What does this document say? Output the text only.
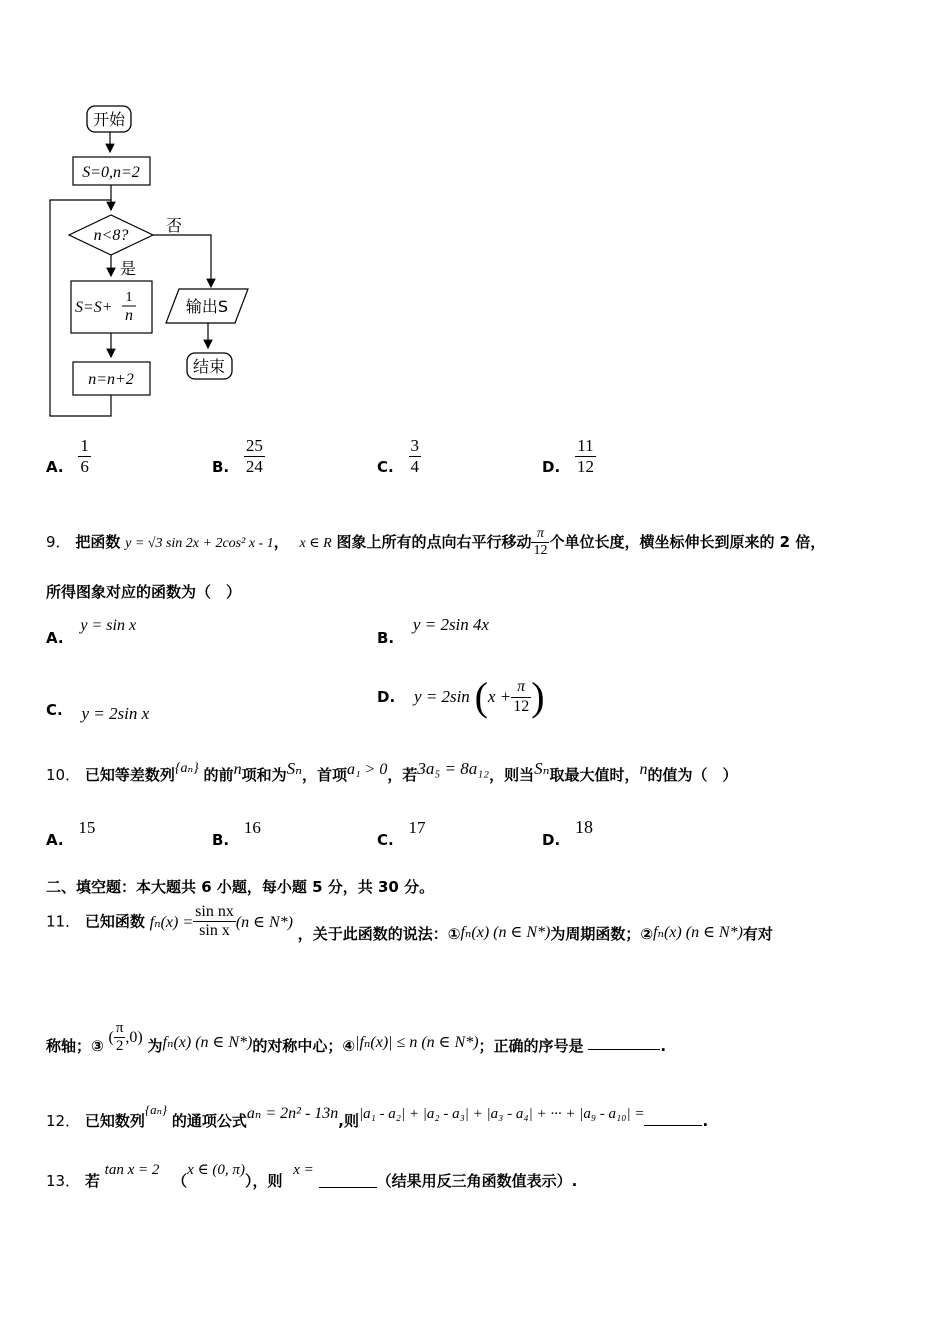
开始
S=0,n=2
n<8?
否
是
S=S+
1
n
n=n+2
输出S
结束
A. $\frac{1}{6}$	B. $\frac{25}{24}$	C. $\frac{3}{4}$	D. $\frac{11}{12}$
9． 把函数 y = √3 sin 2x + 2cos² x - 1， x ∈ R 图象上所有的点向右平行移动 $\frac{\pi}{12}$ 个单位长度，横坐标伸长到原来的 2 倍，
所得图象对应的函数为（　）
A. y = sin x
B. y = 2sin 4x
C. y = 2sin x
D. y = 2sin ($x + \frac{\pi}{12}$ )
10． 已知等差数列{aₙ} 的前n项和为Sₙ，首项a₁ > 0，若3a₅ = 8a₁₂，则当Sₙ取最大值时，n的值为（　）
A. 15
B. 16
C. 17
D. 18
二、填空题：本大题共 6 小题，每小题 5 分，共 30 分。
11． 已知函数 $f_n(x) = \frac{\text{sin nx}}{\text{sin x}} (n$ ∈ N*) ，关于此函数的说法：①fₙ(x) (n ∈ N*)为周期函数；②fₙ(x) (n ∈ N*)有对
称轴；③ ( $\frac{\pi}{2} ,0$) 为fₙ(x) (n ∈ N*)的对称中心；④|fₙ(x)| ≤ n (n ∈ N*)；正确的序号是	.
12． 已知数列{aₙ} 的通项公式aₙ = 2n² - 13n,则|a₁ - a₂| + |a₂ - a₃| + |a₃ - a₄| + ··· + |a₉ - a₁₀| =	.
13． 若 tan x = 2 （x ∈ (0, π)），则 x = （结果用反三角函数值表示）.
